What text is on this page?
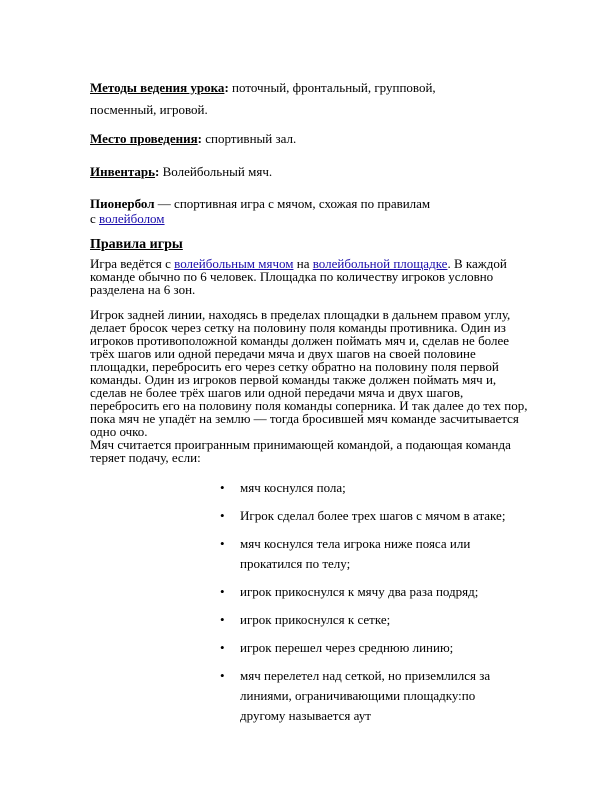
Методы ведения урока: поточный, фронтальный, групповой,
посменный, игровой.
Место проведения: спортивный зал.
Инвентарь: Волейбольный мяч.
Пионербол — спортивная игра с мячом, схожая по правилам
с волейболом
Правила игры
Игра ведётся с волейбольным мячом на волейбольной площадке. В каждой команде обычно по 6 человек. Площадка по количеству игроков условно разделена на 6 зон.
Игрок задней линии, находясь в пределах площадки в дальнем правом углу, делает бросок через сетку на половину поля команды противника. Один из игроков противоположной команды должен поймать мяч и, сделав не более трёх шагов или одной передачи мяча и двух шагов на своей половине площадки, перебросить его через сетку обратно на половину поля первой команды. Один из игроков первой команды также должен поймать мяч и, сделав не более трёх шагов или одной передачи мяча и двух шагов, перебросить его на половину поля команды соперника. И так далее до тех пор, пока мяч не упадёт на землю — тогда бросившей мяч команде засчитывается одно очко.
Мяч считается проигранным принимающей командой, а подающая команда теряет подачу, если:
• мяч коснулся пола;
• Игрок сделал более трех шагов с мячом в атаке;
• мяч коснулся тела игрока ниже пояса или прокатился по телу;
• игрок прикоснулся к мячу два раза подряд;
• игрок прикоснулся к сетке;
• игрок перешел через среднюю линию;
• мяч перелетел над сеткой, но приземлился за линиями, ограничивающими площадку:по другому называется аут
